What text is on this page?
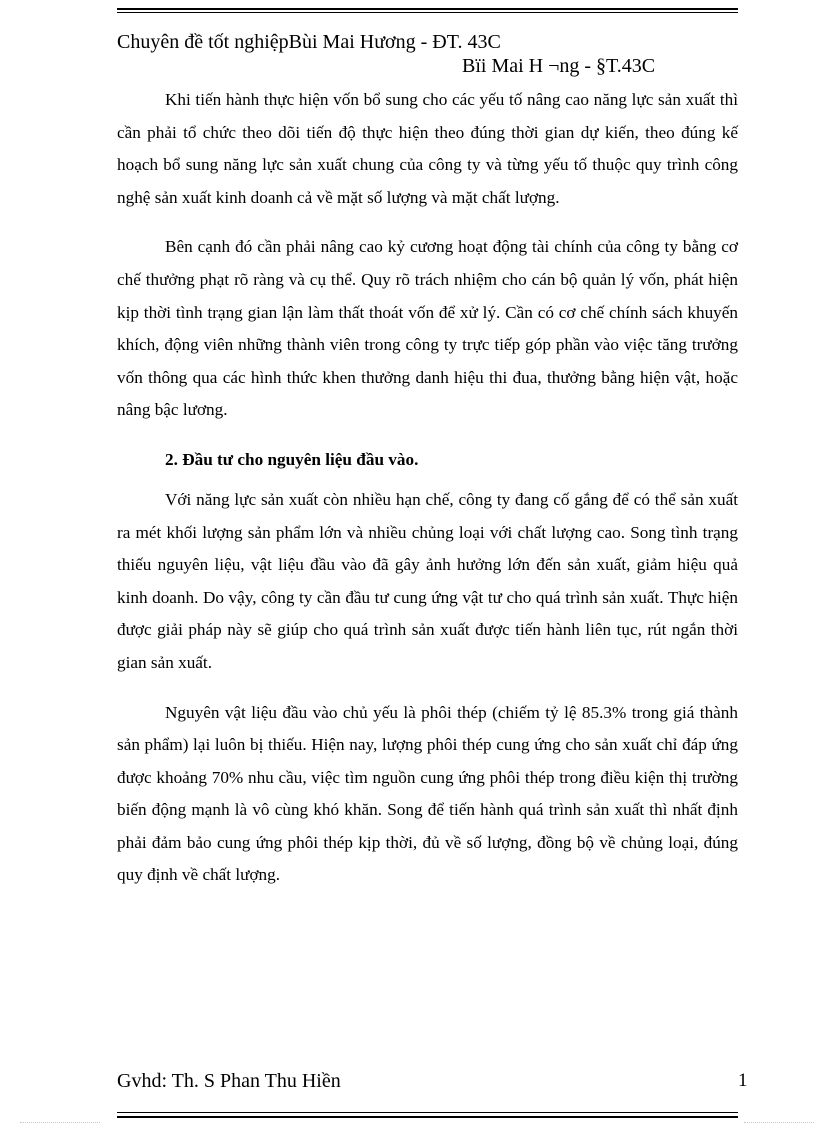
Chuyên đề tốt nghiệpBùi Mai Hương - ĐT. 43C
Bïi Mai H ¬ng - §T.43C

Khi tiến hành thực hiện vốn bổ sung cho các yếu tố nâng cao năng lực sản xuất thì cần phải tổ chức theo dõi tiến độ thực hiện theo đúng thời gian dự kiến, theo đúng kế hoạch bổ sung năng lực sản xuất chung của công ty và từng yếu tố thuộc quy trình công nghệ sản xuất kinh doanh cả về mặt số lượng và mặt chất lượng.

Bên cạnh đó cần phải nâng cao kỷ cương hoạt động tài chính của công ty bằng cơ chế thưởng phạt rõ ràng và cụ thể. Quy rõ trách nhiệm cho cán bộ quản lý vốn, phát hiện kịp thời tình trạng gian lận làm thất thoát vốn để xử lý. Cần có cơ chế chính sách khuyến khích, động viên những thành viên trong công ty trực tiếp góp phần vào việc tăng trưởng vốn thông qua các hình thức khen thưởng danh hiệu thi đua, thưởng bằng hiện vật, hoặc nâng bậc lương.

2. Đầu tư cho nguyên liệu đầu vào.

Với năng lực sản xuất còn nhiều hạn chế, công ty đang cố gắng để có thể sản xuất ra mét khối lượng sản phẩm lớn và nhiều chủng loại với chất lượng cao. Song tình trạng thiếu nguyên liệu, vật liệu đầu vào đã gây ảnh hưởng lớn đến sản xuất, giảm hiệu quả kinh doanh. Do vậy, công ty cần đầu tư cung ứng vật tư cho quá trình sản xuất. Thực hiện được giải pháp này sẽ giúp cho quá trình sản xuất được tiến hành liên tục, rút ngắn thời gian sản xuất.

Nguyên vật liệu đầu vào chủ yếu là phôi thép (chiếm tỷ lệ 85.3% trong giá thành sản phẩm) lại luôn bị thiếu. Hiện nay, lượng phôi thép cung ứng cho sản xuất chỉ đáp ứng được khoảng 70% nhu cầu, việc tìm nguồn cung ứng phôi thép trong điều kiện thị trường biến động mạnh là vô cùng khó khăn. Song để tiến hành quá trình sản xuất thì nhất định phải đảm bảo cung ứng phôi thép kịp thời, đủ về số lượng, đồng bộ về chủng loại, đúng quy định về chất lượng.

Gvhd: Th. S Phan Thu Hiền	1
